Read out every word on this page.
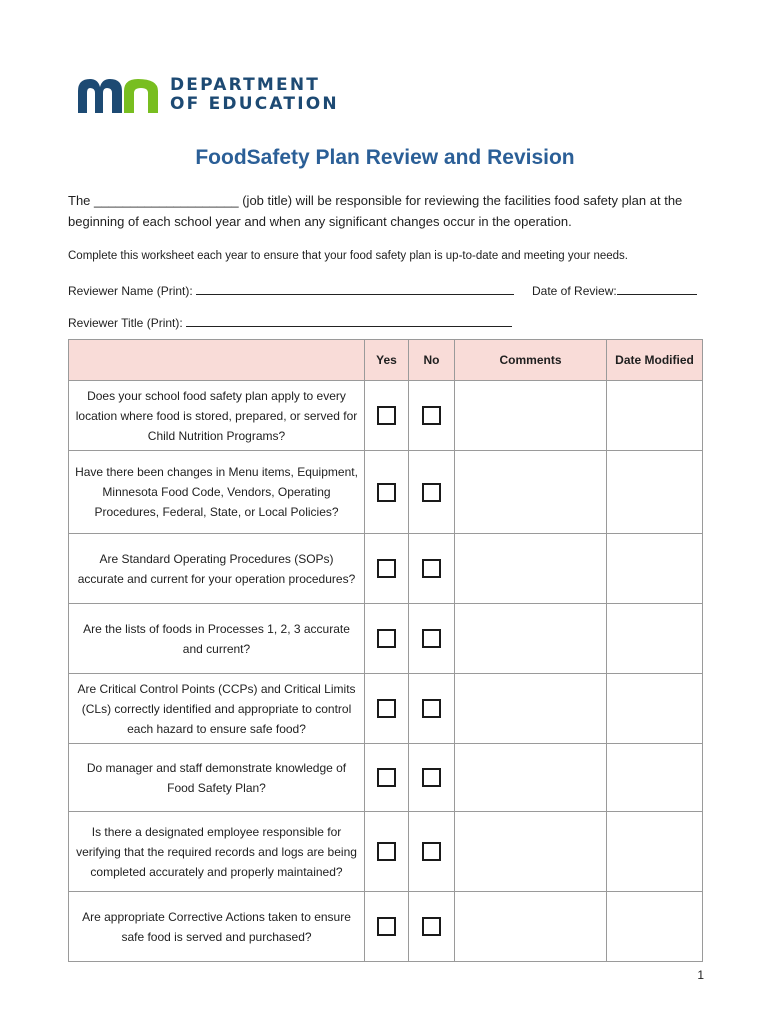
DEPARTMENT
OF EDUCATION
FoodSafety Plan Review and Revision
The ____________________ (job title) will be responsible for reviewing the facilities food safety plan at the beginning of each school year and when any significant changes occur in the operation.
Complete this worksheet each year to ensure that your food safety plan is up-to-date and meeting your needs.
Reviewer Name (Print):	Date of Review:
Reviewer Title (Print):
	Yes	No	Comments	Date Modified
Does your school food safety plan apply to every location where food is stored, prepared, or served for Child Nutrition Programs?				
Have there been changes in Menu items, Equipment, Minnesota Food Code, Vendors, Operating Procedures, Federal, State, or Local Policies?				
Are Standard Operating Procedures (SOPs) accurate and current for your operation procedures?				
Are the lists of foods in Processes 1, 2, 3 accurate and current?				
Are Critical Control Points (CCPs) and Critical Limits (CLs) correctly identified and appropriate to control each hazard to ensure safe food?				
Do manager and staff demonstrate knowledge of Food Safety Plan?				
Is there a designated employee responsible for verifying that the required records and logs are being completed accurately and properly maintained?				
Are appropriate Corrective Actions taken to ensure safe food is served and purchased?				
1
